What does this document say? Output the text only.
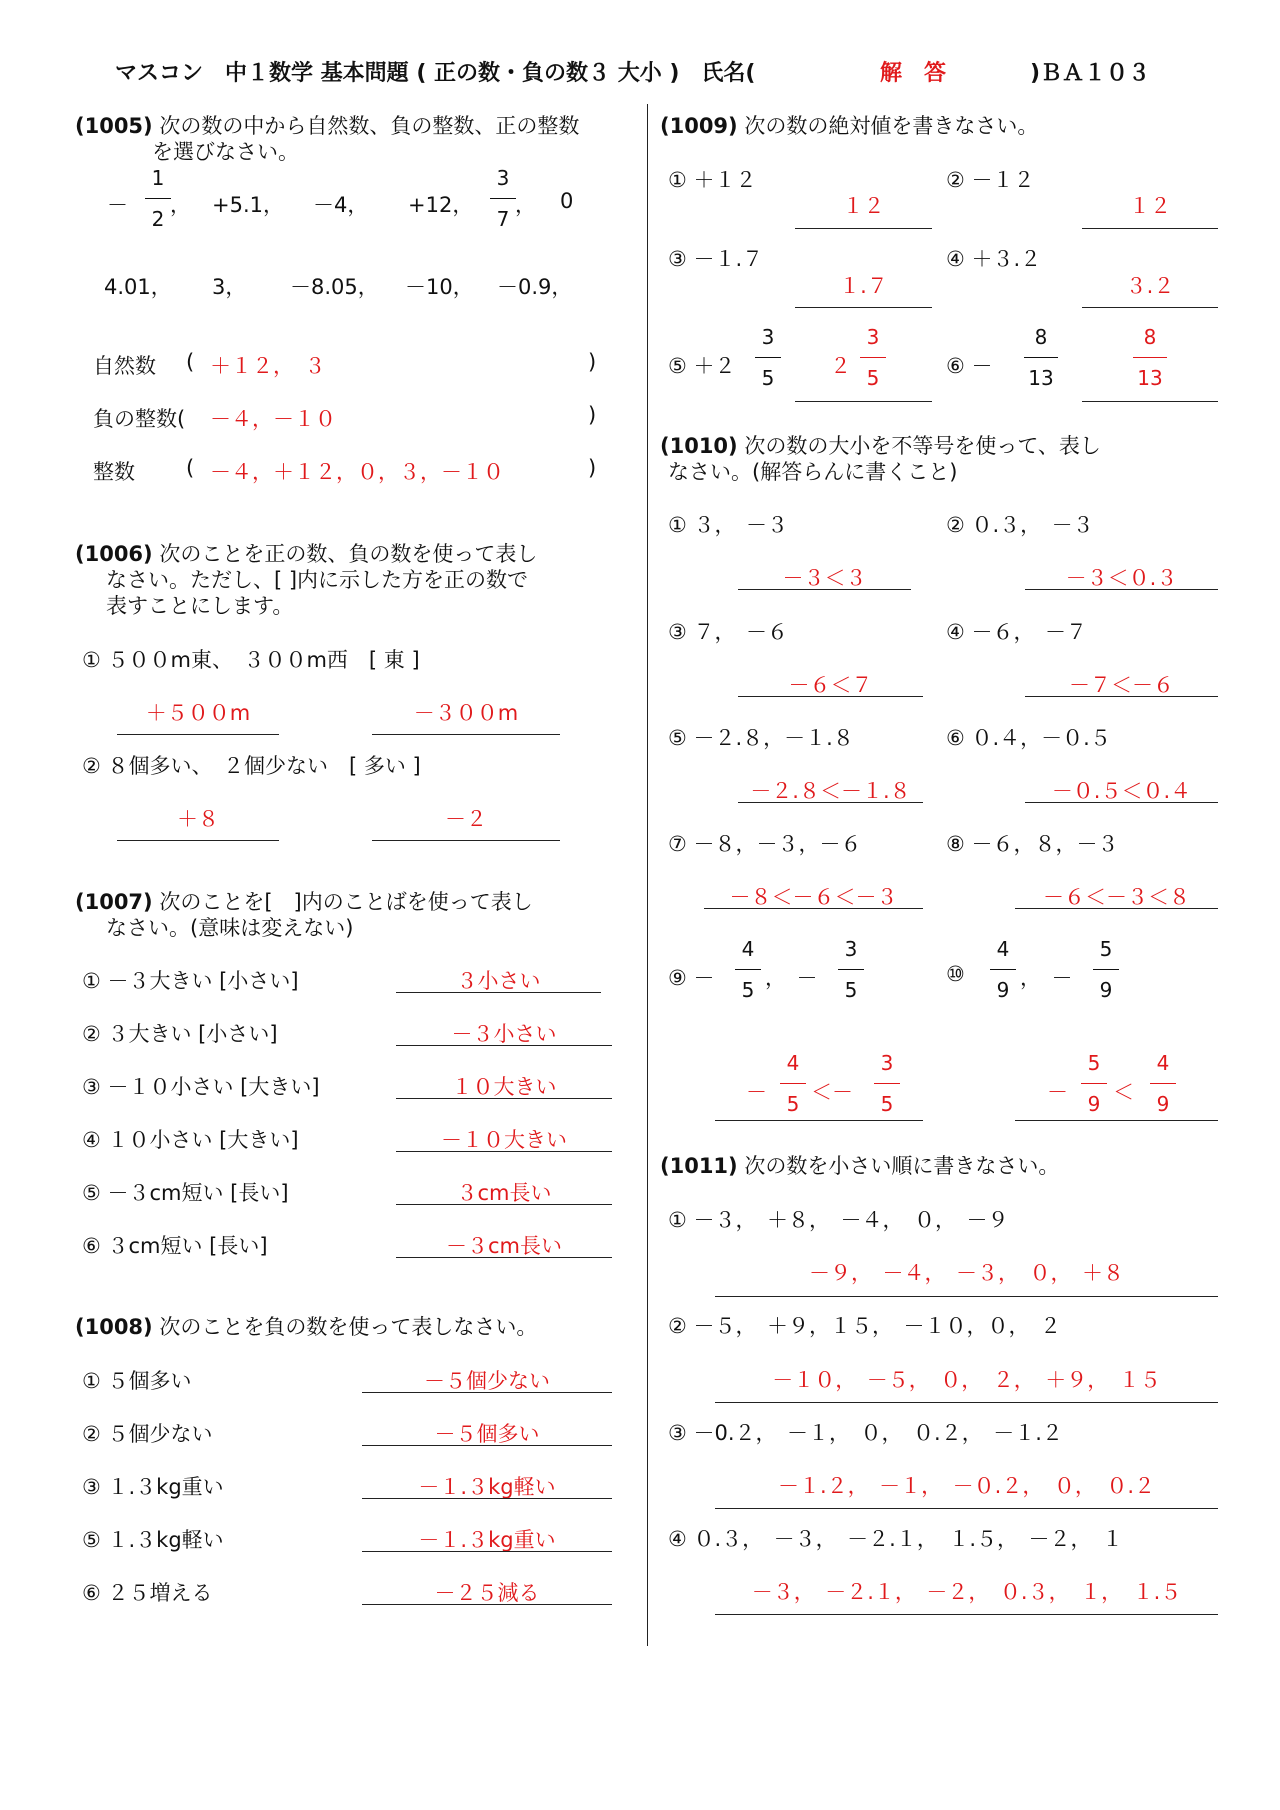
マスコン　中１数学 基本問題 ( 正の数・負の数３ 大小 )　氏名(	解　答	)ＢＡ１０３
(1005) 次の数の中から自然数、負の整数、正の整数
を選びなさい。
－
1
2
， +5.1， －4， +12，
3
7
， 0
4.01， 3， －8.05， －10， －0.9，
自然数 ( ＋１２，　３	)
負の整数( －４，－１０	)
整数 ( －４，＋１２，０，３，－１０	)
(1006) 次のことを正の数、負の数を使って表し
なさい。ただし、[ ]内に示した方を正の数で
表すことにします。
① ５００m東、　３００m西　[ 東 ]
＋５００m	－３００m
② ８個多い、　２個少ない　[ 多い ]
＋８	－２
(1007) 次のことを[　]内のことばを使って表し
なさい。(意味は変えない)
① －３大きい [小さい]	３小さい
② ３大きい [小さい]	－３小さい
③ －１０小さい [大きい]	１０大きい
④ １０小さい [大きい]	－１０大きい
⑤ －３cm短い [長い]	３cm長い
⑥ ３cm短い [長い]	－３cm長い
(1008) 次のことを負の数を使って表しなさい。
① ５個多い	－５個少ない
② ５個少ない	－５個多い
③ １.３kg重い	－１.３kg軽い
⑤ １.３kg軽い	－１.３kg重い
⑥ ２５増える	－２５減る
(1009) 次の数の絶対値を書きなさい。
① ＋１２
１２
② －１２
１２
③ －１.７
１.７
④ ＋３.２
３.２
⑤ ＋２
3
5	２
3
5	⑥ －
8
13
8
13
(1010) 次の数の大小を不等号を使って、表し
なさい。(解答らんに書くこと)
① ３，　－３
－３＜３
② ０.３，　－３
－３＜０.３
③ ７，　－６
－６＜７
④ －６，　－７
－７＜－６
⑤ －２.８，－１.８
－２.８＜－１.８
⑥ ０.４，－０.５
－０.５＜０.４
⑦ －８，－３，－６
－８＜－６＜－３
⑧ －６，８，－３
－６＜－３＜８
⑨ －
4
5 ，　－
3
5
－
4
5 ＜－
3
5
⑩
4
9 ，　－
5
9
－
5
9 ＜
4
9
(1011) 次の数を小さい順に書きなさい。
① －３，　＋８，　－４，　０，　－９
－９，　－４，　－３，　０，　＋８
② －５，　＋９，１５，　－１０，０，　２
－１０，　－５，　０，　２，　＋９，　１５
③ －0.２，　－１，　０，　０.２，　－１.２
－１.２，　－１，　－０.２，　０，　０.２
④ ０.３，　－３，　－２.１，　１.５，　－２，　１
－３，　－２.１，　－２，　０.３，　１，　１.５
